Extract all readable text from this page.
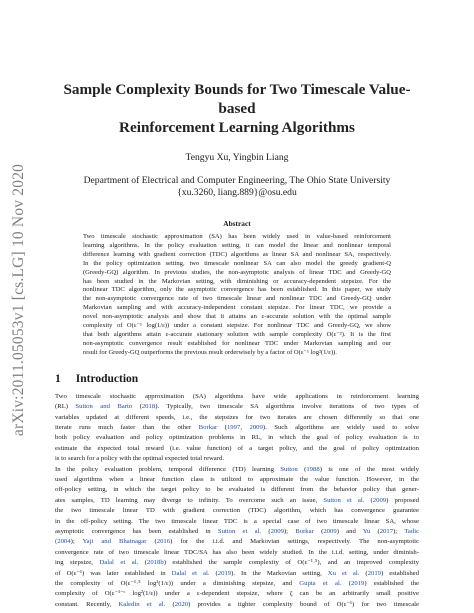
arXiv:2011.05053v1 [cs.LG] 10 Nov 2020
Sample Complexity Bounds for Two Timescale Value-based
Reinforcement Learning Algorithms
Tengyu Xu, Yingbin Liang
Department of Electrical and Computer Engineering, The Ohio State University
{xu.3260, liang.889}@osu.edu
Abstract
Two timescale stochastic approximation (SA) has been widely used in value-based reinforcement
learning algorithms. In the policy evaluation setting, it can model the linear and nonlinear temporal
difference learning with gradient correction (TDC) algorithms as linear SA and nonlinear SA, respectively.
In the policy optimization setting, two timescale nonlinear SA can also model the greedy gradient-Q
(Greedy-GQ) algorithm. In previous studies, the non-asymptotic analysis of linear TDC and Greedy-GQ
has been studied in the Markovian setting, with diminishing or accuracy-dependent stepsize. For the
nonlinear TDC algorithm, only the asymptotic convergence has been established. In this paper, we study
the non-asymptotic convergence rate of two timescale linear and nonlinear TDC and Greedy-GQ under
Markovian sampling and with accuracy-independent constant stepsize. For linear TDC, we provide a
novel non-asymptotic analysis and show that it attains an ε-accurate solution with the optimal sample
complexity of O(ε⁻¹ log(1/ε)) under a constant stepsize. For nonlinear TDC and Greedy-GQ, we show
that both algorithms attain ε-accurate stationary solution with sample complexity O(ε⁻²). It is the first
non-asymptotic convergence result established for nonlinear TDC under Markovian sampling and our
result for Greedy-GQ outperforms the previous result orderwisely by a factor of O(ε⁻¹ log²(1/ε)).
1 Introduction
Two timescale stochastic approximation (SA) algorithms have wide applications in reinforcement learning
(RL) Sutton and Barto (2018). Typically, two timescale SA algorithms involve iterations of two types of
variables updated at different speeds, i.e., the stepsizes for two iterates are chosen differently so that one
iterate runs much faster than the other Borkar (1997, 2009). Such algorithms are widely used to solve
both policy evaluation and policy optimization problems in RL, in which the goal of policy evaluation is to
estimate the expected total reward (i.e. value function) of a target policy, and the goal of policy optimization
is to search for a policy with the optimal expected total reward.
In the policy evaluation problem, temporal difference (TD) learning Sutton (1988) is one of the most widely
used algorithms when a linear function class is utilized to approximate the value function. However, in the
off-policy setting, in which the target policy to be evaluated is different from the behavior policy that gener-
ates samples, TD learning may diverge to infinity. To overcome such an issue, Sutton et al. (2009) proposed
the two timescale linear TD with gradient correction (TDC) algorithm, which has convergence guarantee
in the off-policy setting. The two timescale linear TDC is a special case of two timescale linear SA, whose
asymptotic convergence has been established in Sutton et al. (2009); Borkar (2009) and Yu (2017); Tadic
(2004); Yaji and Bhatnagar (2016) for the i.i.d. and Markovian settings, respectively. The non-asymptotic
convergence rate of two timescale linear TDC/SA has also been widely studied. In the i.i.d. setting, under diminish-
ing stepsize, Dalal et al. (2018b) established the sample complexity of O(ε⁻¹·⁵), and an improved complexity
of O(ε⁻¹) was later established in Dalal et al. (2019). In the Markovian setting, Xu et al. (2019) established
the complexity of O(ε⁻¹·⁵ log²(1/ε)) under a diminishing stepsize, and Gupta et al. (2019) established the
complexity of O(ε⁻¹⁻ᶜ log²(1/ε)) under a ε-dependent stepsize, where ζ can be an arbitrarily small positive
constant. Recently, Kaledin et al. (2020) provides a tighter complexity bound of O(ε⁻¹) for two timescale
